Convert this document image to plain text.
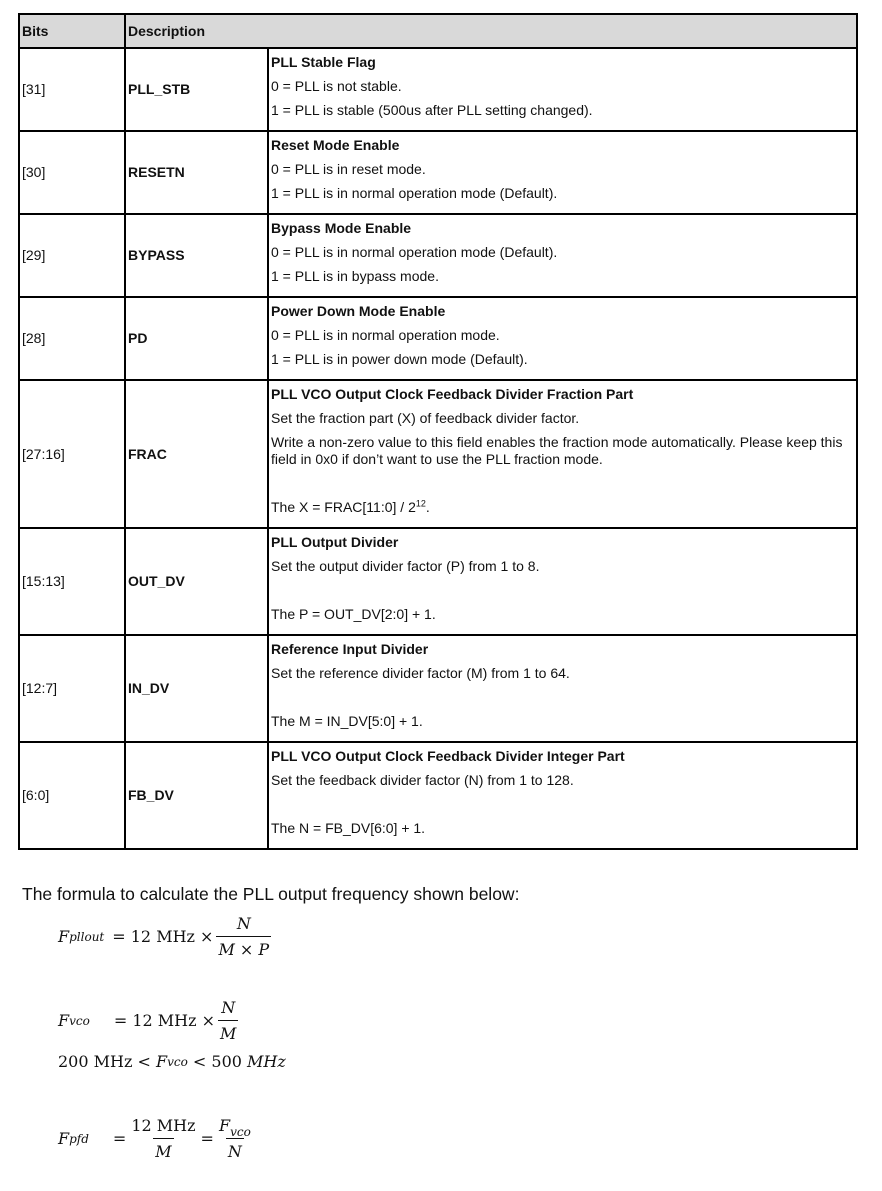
Bits	Description	
[31]	PLL_STB	PLL Stable Flag

0 = PLL is not stable.

1 = PLL is stable (500us after PLL setting changed).

[30]	RESETN	Reset Mode Enable

0 = PLL is in reset mode.

1 = PLL is in normal operation mode (Default).

[29]	BYPASS	Bypass Mode Enable

0 = PLL is in normal operation mode (Default).

1 = PLL is in bypass mode.

[28]	PD	Power Down Mode Enable

0 = PLL is in normal operation mode.

1 = PLL is in power down mode (Default).

[27:16]	FRAC	PLL VCO Output Clock Feedback Divider Fraction Part

Set the fraction part (X) of feedback divider factor.

Write a non-zero value to this field enables the fraction mode automatically. Please keep this field in 0x0 if don’t want to use the PLL fraction mode.

The X = FRAC[11:0] / $2^{12}$.

[15:13]	OUT_DV	PLL Output Divider

Set the output divider factor (P) from 1 to 8.

The P = OUT_DV[2:0] + 1.

[12:7]	IN_DV	Reference Input Divider

Set the reference divider factor (M) from 1 to 64.

The M = IN_DV[5:0] + 1.

[6:0]	FB_DV	PLL VCO Output Clock Feedback Divider Integer Part

Set the feedback divider factor (N) from 1 to 128.

The N = FB_DV[6:0] + 1.

The formula to calculate the PLL output frequency shown below:
F pllout = 12 MHz × $\frac{N}{M \times P}$
F vco = 12 MHz × $\frac{N}{M}$
200 MHz <
F vco
< 500
MHz
F pfd = $\frac{\text{12 MHz}}{M} = \frac{F_{vco}}{N}$
